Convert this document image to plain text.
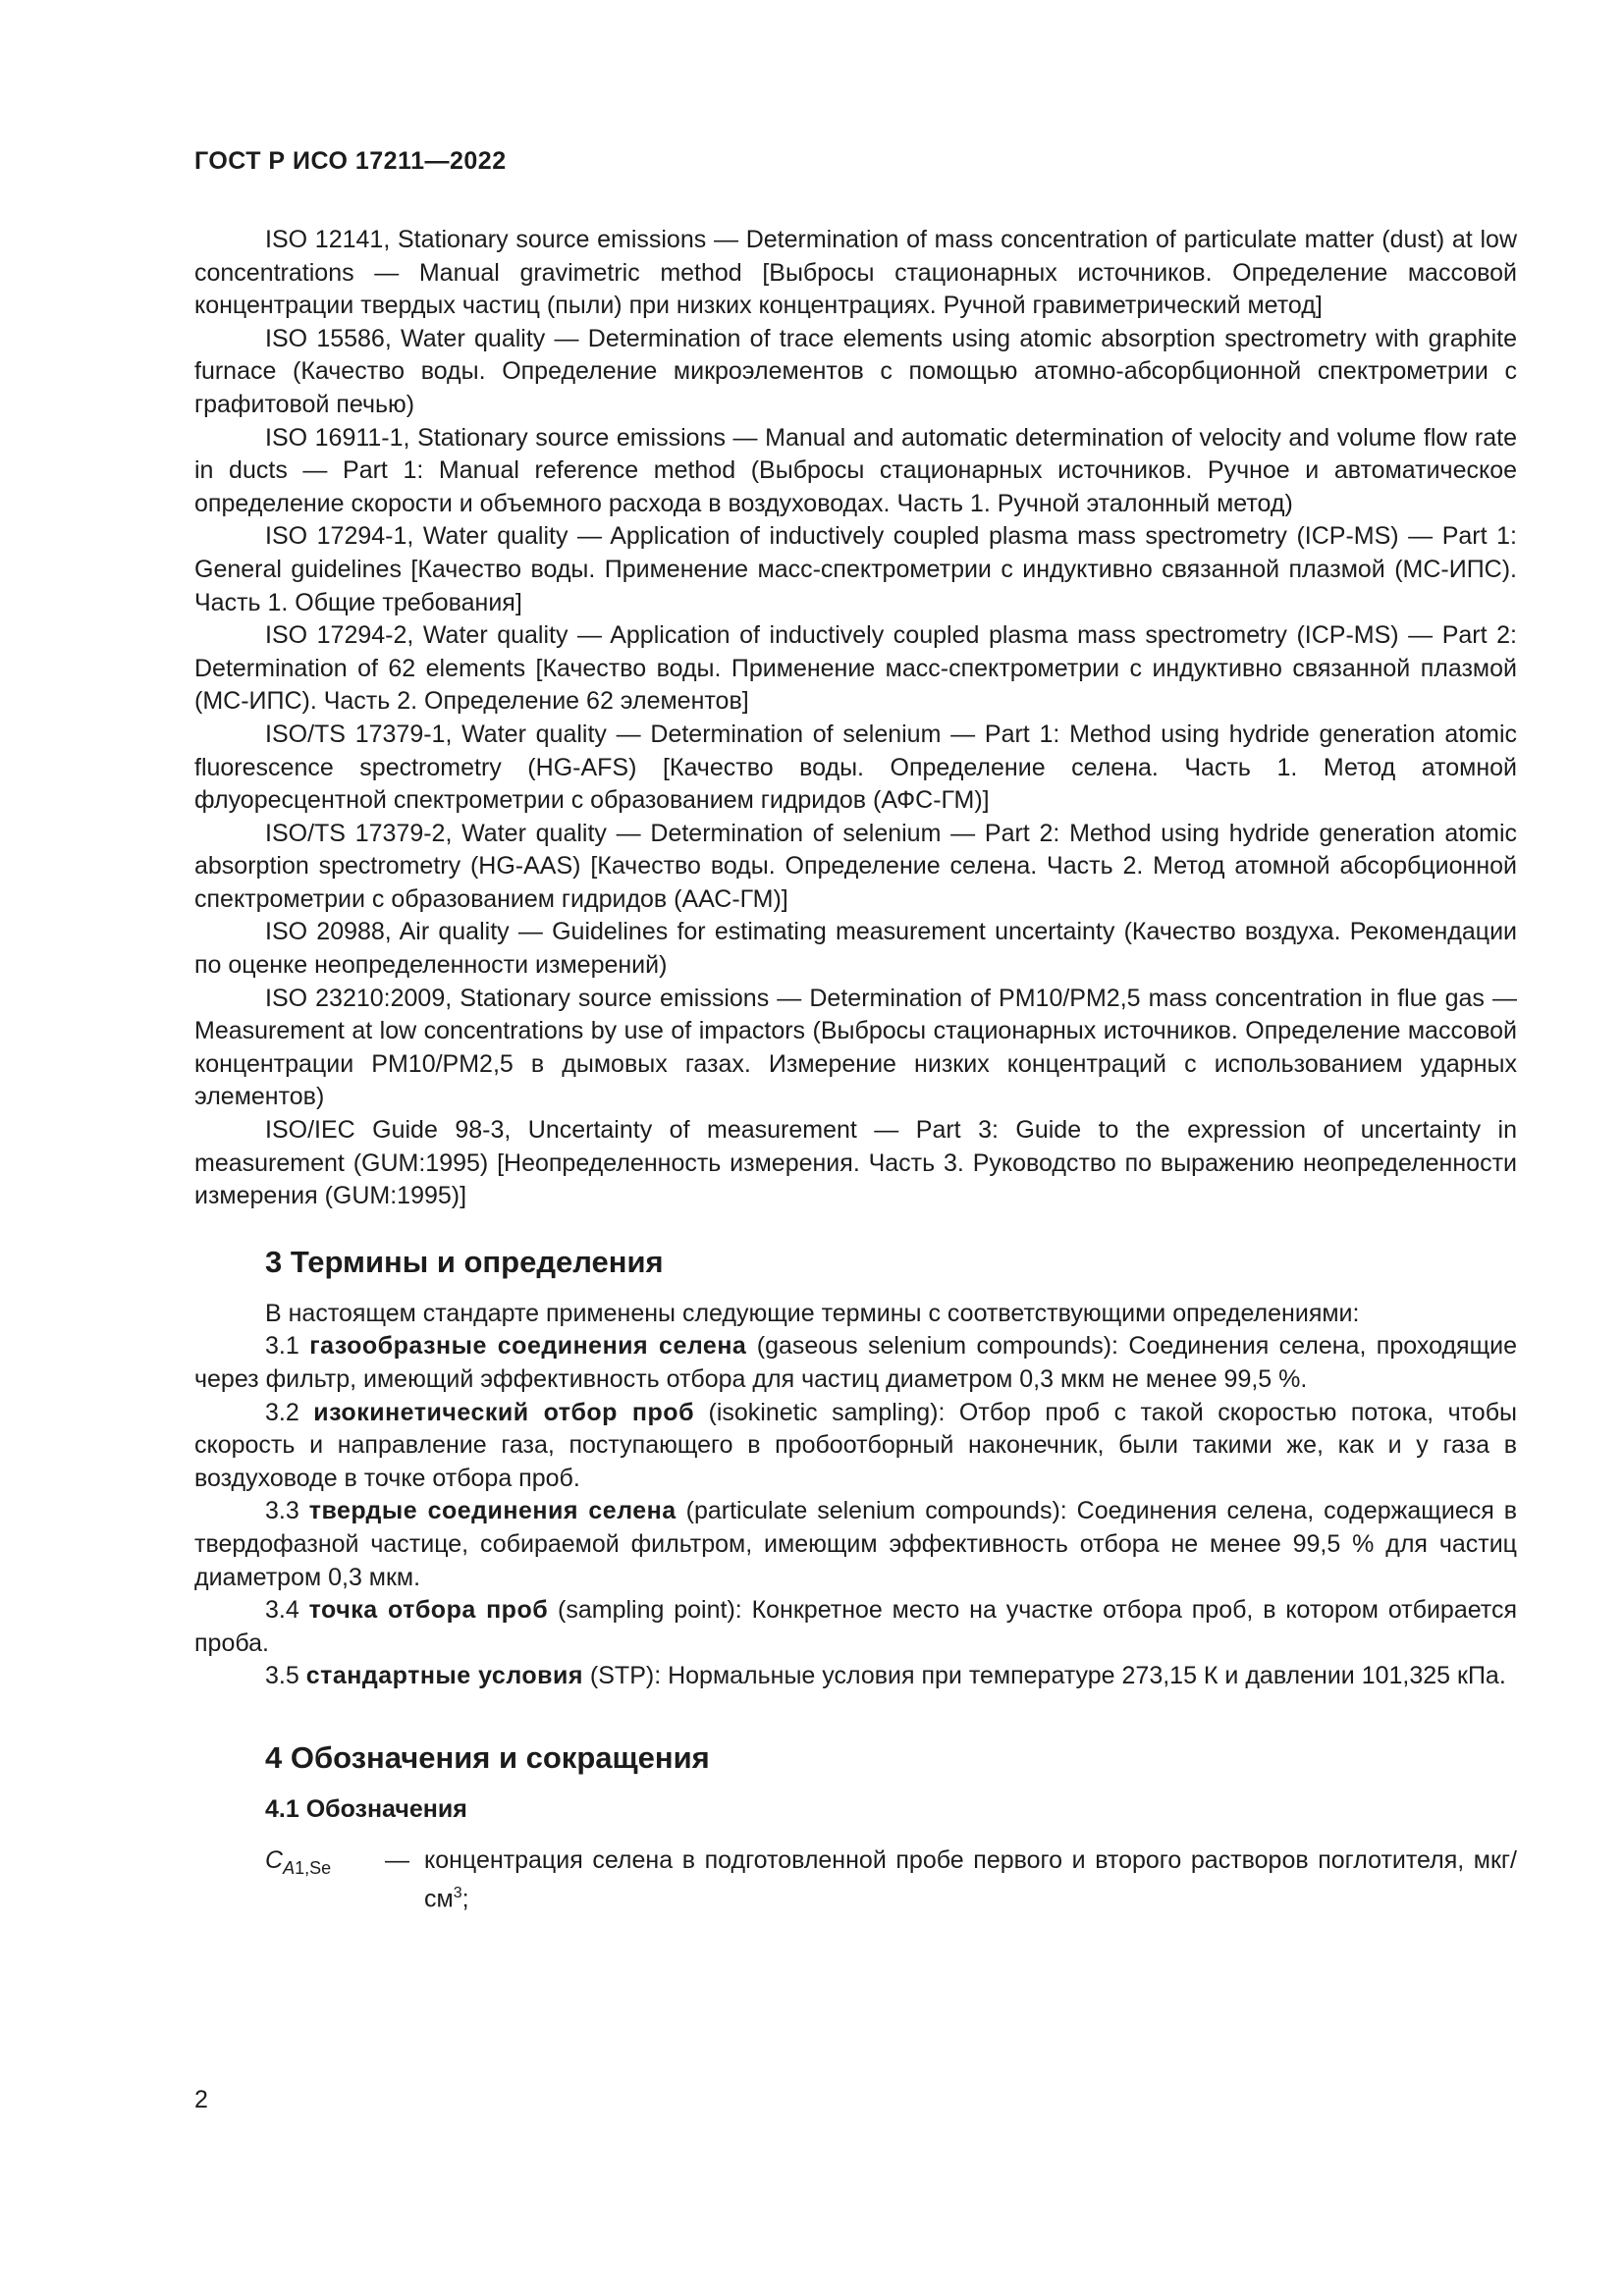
ГОСТ Р ИСО 17211—2022

ISO 12141, Stationary source emissions — Determination of mass concentration of particulate matter (dust) at low concentrations — Manual gravimetric method [Выбросы стационарных источников. Определение массовой концентрации твердых частиц (пыли) при низких концентрациях. Ручной гравиметрический метод]

ISO 15586, Water quality — Determination of trace elements using atomic absorption spectrometry with graphite furnace (Качество воды. Определение микроэлементов с помощью атомно-абсорбционной спектрометрии с графитовой печью)

ISO 16911-1, Stationary source emissions — Manual and automatic determination of velocity and volume flow rate in ducts — Part 1: Manual reference method (Выбросы стационарных источников. Ручное и автоматическое определение скорости и объемного расхода в воздуховодах. Часть 1. Ручной эталонный метод)

ISO 17294-1, Water quality — Application of inductively coupled plasma mass spectrometry (ICP-MS) — Part 1: General guidelines [Качество воды. Применение масс-спектрометрии с индуктивно связанной плазмой (МС-ИПС). Часть 1. Общие требования]

ISO 17294-2, Water quality — Application of inductively coupled plasma mass spectrometry (ICP-MS) — Part 2: Determination of 62 elements [Качество воды. Применение масс-спектрометрии с индуктивно связанной плазмой (МС-ИПС). Часть 2. Определение 62 элементов]

ISO/TS 17379-1, Water quality — Determination of selenium — Part 1: Method using hydride generation atomic fluorescence spectrometry (HG-AFS) [Качество воды. Определение селена. Часть 1. Метод атомной флуоресцентной спектрометрии с образованием гидридов (АФС-ГМ)]

ISO/TS 17379-2, Water quality — Determination of selenium — Part 2: Method using hydride generation atomic absorption spectrometry (HG-AAS) [Качество воды. Определение селена. Часть 2. Метод атомной абсорбционной спектрометрии с образованием гидридов (ААС-ГМ)]

ISO 20988, Air quality — Guidelines for estimating measurement uncertainty (Качество воздуха. Рекомендации по оценке неопределенности измерений)

ISO 23210:2009, Stationary source emissions — Determination of PM10/PM2,5 mass concentration in flue gas — Measurement at low concentrations by use of impactors (Выбросы стационарных источников. Определение массовой концентрации PM10/PM2,5 в дымовых газах. Измерение низких концентраций с использованием ударных элементов)

ISO/IEC Guide 98-3, Uncertainty of measurement — Part 3: Guide to the expression of uncertainty in measurement (GUM:1995) [Неопределенность измерения. Часть 3. Руководство по выражению неопределенности измерения (GUM:1995)]

3 Термины и определения

В настоящем стандарте применены следующие термины с соответствующими определениями:

3.1 газообразные соединения селена (gaseous selenium compounds): Соединения селена, проходящие через фильтр, имеющий эффективность отбора для частиц диаметром 0,3 мкм не менее 99,5 %.

3.2 изокинетический отбор проб (isokinetic sampling): Отбор проб с такой скоростью потока, чтобы скорость и направление газа, поступающего в пробоотборный наконечник, были такими же, как и у газа в воздуховоде в точке отбора проб.

3.3 твердые соединения селена (particulate selenium compounds): Соединения селена, содержащиеся в твердофазной частице, собираемой фильтром, имеющим эффективность отбора не менее 99,5 % для частиц диаметром 0,3 мкм.

3.4 точка отбора проб (sampling point): Конкретное место на участке отбора проб, в котором отбирается проба.

3.5 стандартные условия (STP): Нормальные условия при температуре 273,15 К и давлении 101,325 кПа.

4 Обозначения и сокращения
4.1 Обозначения
$C_{A1,Se}$	— концентрация селена в подготовленной пробе первого и второго растворов поглотителя, мкг/$см^3$;
2
